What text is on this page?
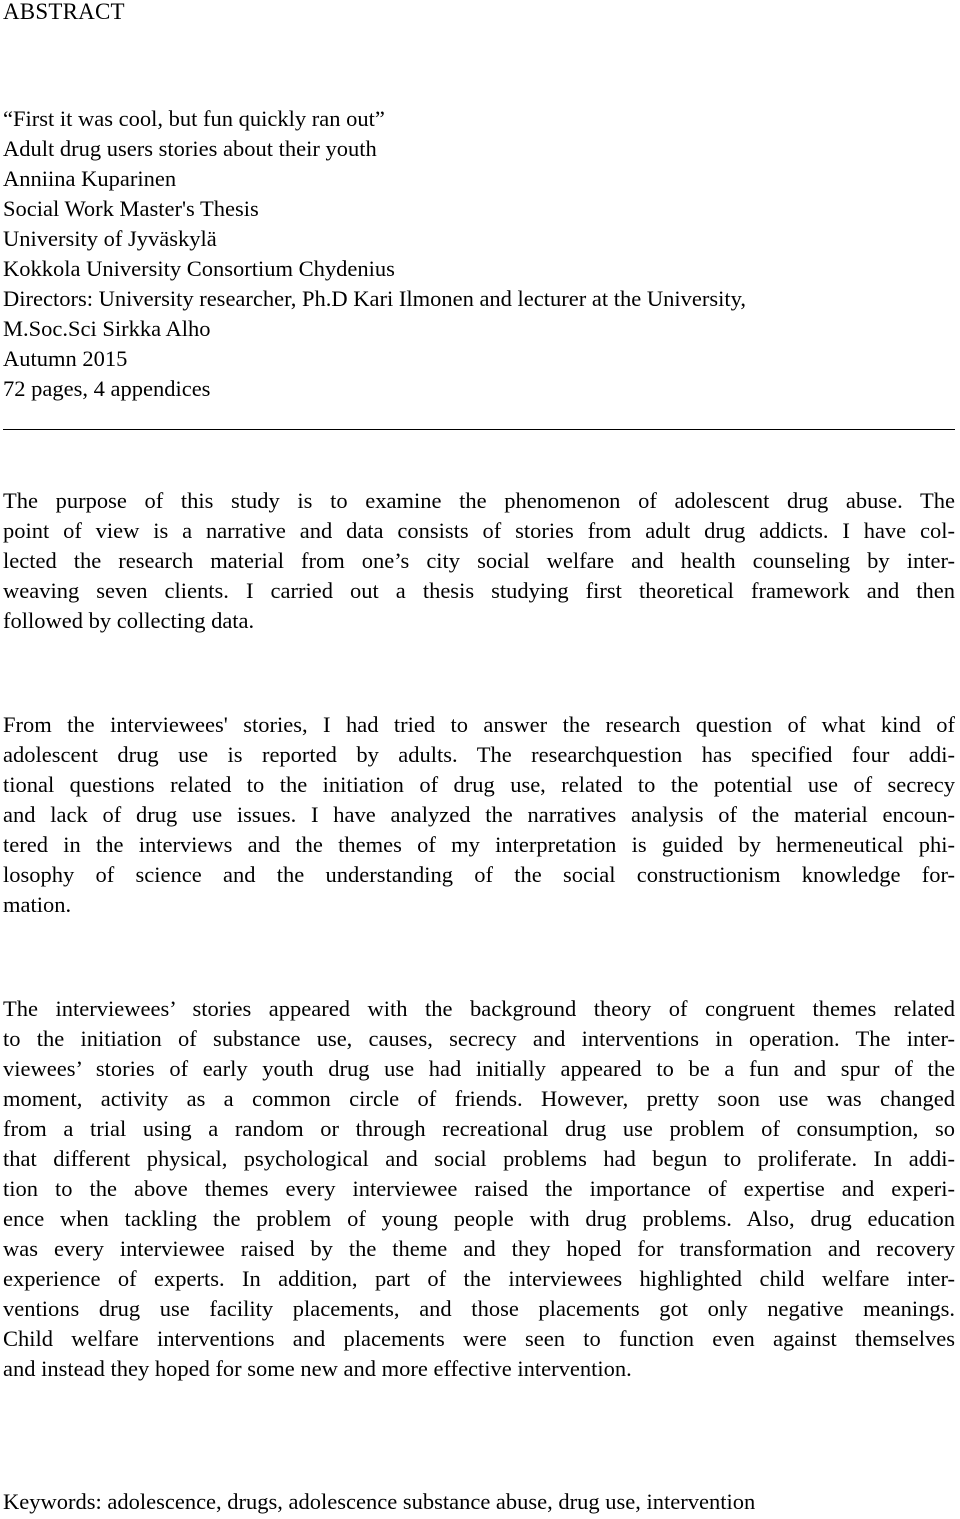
ABSTRACT
“First it was cool, but fun quickly ran out”
Adult drug users stories about their youth
Anniina Kuparinen
Social Work Master's Thesis
University of Jyväskylä
Kokkola University Consortium Chydenius
Directors: University researcher, Ph.D Kari Ilmonen and lecturer at the University,
M.Soc.Sci Sirkka Alho
Autumn 2015
72 pages, 4 appendices
The purpose of this study is to examine the phenomenon of adolescent drug abuse. The
point of view is a narrative and data consists of stories from adult drug addicts. I have col-
lected the research material from one’s city social welfare and health counseling by inter-
weaving seven clients. I carried out a thesis studying first theoretical framework and then
followed by collecting data.
From the interviewees' stories, I had tried to answer the research question of what kind of
adolescent drug use is reported by adults. The researchquestion has specified four addi-
tional questions related to the initiation of drug use, related to the potential use of secrecy
and lack of drug use issues. I have analyzed the narratives analysis of the material encoun-
tered in the interviews and the themes of my interpretation is guided by hermeneutical phi-
losophy of science and the understanding of the social constructionism knowledge for-
mation.
The interviewees’ stories appeared with the background theory of congruent themes related
to the initiation of substance use, causes, secrecy and interventions in operation. The inter-
viewees’ stories of early youth drug use had initially appeared to be a fun and spur of the
moment, activity as a common circle of friends. However, pretty soon use was changed
from a trial using a random or through recreational drug use problem of consumption, so
that different physical, psychological and social problems had begun to proliferate. In addi-
tion to the above themes every interviewee raised the importance of expertise and experi-
ence when tackling the problem of young people with drug problems. Also, drug education
was every interviewee raised by the theme and they hoped for transformation and recovery
experience of experts. In addition, part of the interviewees highlighted child welfare inter-
ventions drug use facility placements, and those placements got only negative meanings.
Child welfare interventions and placements were seen to function even against themselves
and instead they hoped for some new and more effective intervention.
Keywords: adolescence, drugs, adolescence substance abuse, drug use, intervention
